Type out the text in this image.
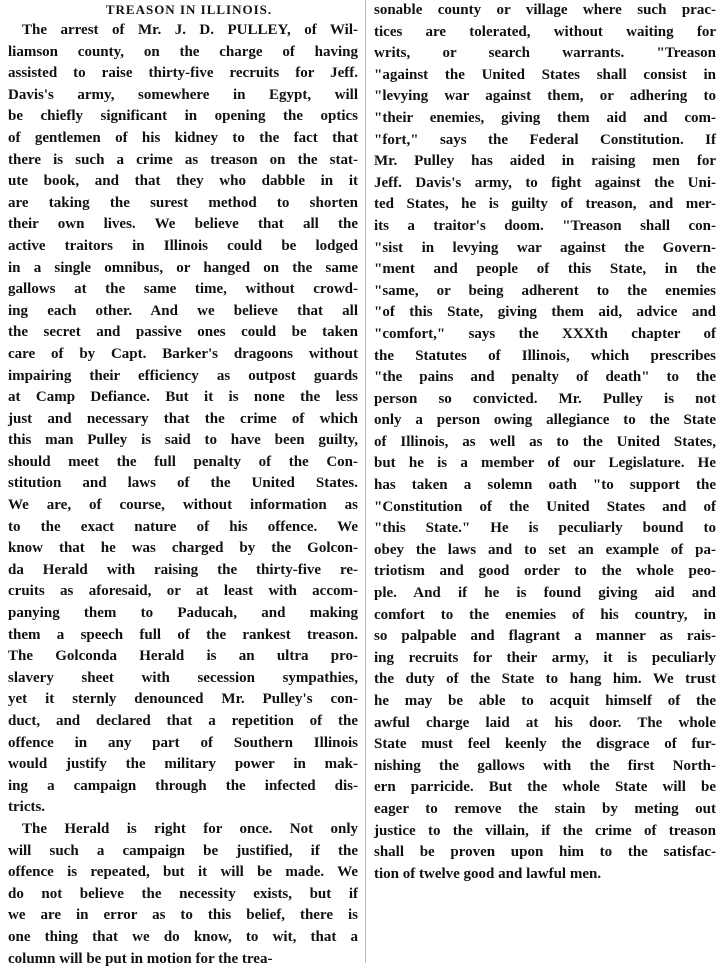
TREASON IN ILLINOIS.
The arrest of Mr. J. D. PULLEY, of Wil-
liamson county, on the charge of having
assisted to raise thirty-five recruits for Jeff.
Davis's army, somewhere in Egypt, will
be chiefly significant in opening the optics
of gentlemen of his kidney to the fact that
there is such a crime as treason on the stat-
ute book, and that they who dabble in it
are taking the surest method to shorten
their own lives. We believe that all the
active traitors in Illinois could be lodged
in a single omnibus, or hanged on the same
gallows at the same time, without crowd-
ing each other. And we believe that all
the secret and passive ones could be taken
care of by Capt. Barker's dragoons without
impairing their efficiency as outpost guards
at Camp Defiance. But it is none the less
just and necessary that the crime of which
this man Pulley is said to have been guilty,
should meet the full penalty of the Con-
stitution and laws of the United States.
We are, of course, without information as
to the exact nature of his offence. We
know that he was charged by the Golcon-
da Herald with raising the thirty-five re-
cruits as aforesaid, or at least with accom-
panying them to Paducah, and making
them a speech full of the rankest treason.
The Golconda Herald is an ultra pro-
slavery sheet with secession sympathies,
yet it sternly denounced Mr. Pulley's con-
duct, and declared that a repetition of the
offence in any part of Southern Illinois
would justify the military power in mak-
ing a campaign through the infected dis-
tricts.
The Herald is right for once. Not only
will such a campaign be justified, if the
offence is repeated, but it will be made. We
do not believe the necessity exists, but if
we are in error as to this belief, there is
one thing that we do know, to wit, that a
column will be put in motion for the trea-
sonable county or village where such prac-
tices are tolerated, without waiting for
writs, or search warrants. "Treason
"against the United States shall consist in
"levying war against them, or adhering to
"their enemies, giving them aid and com-
"fort," says the Federal Constitution. If
Mr. Pulley has aided in raising men for
Jeff. Davis's army, to fight against the Uni-
ted States, he is guilty of treason, and mer-
its a traitor's doom. "Treason shall con-
"sist in levying war against the Govern-
"ment and people of this State, in the
"same, or being adherent to the enemies
"of this State, giving them aid, advice and
"comfort," says the XXXth chapter of
the Statutes of Illinois, which prescribes
"the pains and penalty of death" to the
person so convicted. Mr. Pulley is not
only a person owing allegiance to the State
of Illinois, as well as to the United States,
but he is a member of our Legislature. He
has taken a solemn oath "to support the
"Constitution of the United States and of
"this State." He is peculiarly bound to
obey the laws and to set an example of pa-
triotism and good order to the whole peo-
ple. And if he is found giving aid and
comfort to the enemies of his country, in
so palpable and flagrant a manner as rais-
ing recruits for their army, it is peculiarly
the duty of the State to hang him. We trust
he may be able to acquit himself of the
awful charge laid at his door. The whole
State must feel keenly the disgrace of fur-
nishing the gallows with the first North-
ern parricide. But the whole State will be
eager to remove the stain by meting out
justice to the villain, if the crime of treason
shall be proven upon him to the satisfac-
tion of twelve good and lawful men.
